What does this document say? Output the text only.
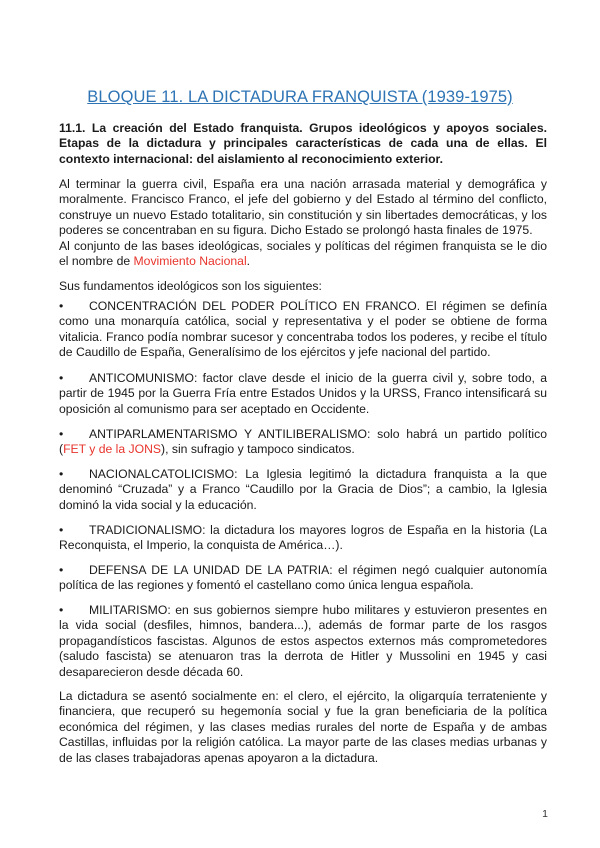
BLOQUE 11. LA DICTADURA FRANQUISTA (1939-1975)
11.1. La creación del Estado franquista. Grupos ideológicos y apoyos sociales. Etapas de la dictadura y principales características de cada una de ellas. El contexto internacional: del aislamiento al reconocimiento exterior.

Al terminar la guerra civil, España era una nación arrasada material y demográfica y moralmente. Francisco Franco, el jefe del gobierno y del Estado al término del conflicto, construye un nuevo Estado totalitario, sin constitución y sin libertades democráticas, y los poderes se concentraban en su figura. Dicho Estado se prolongó hasta finales de 1975.

Al conjunto de las bases ideológicas, sociales y políticas del régimen franquista se le dio el nombre de Movimiento Nacional.

Sus fundamentos ideológicos son los siguientes:

• CONCENTRACIÓN DEL PODER POLÍTICO EN FRANCO. El régimen se definía como una monarquía católica, social y representativa y el poder se obtiene de forma vitalicia. Franco podía nombrar sucesor y concentraba todos los poderes, y recibe el título de Caudillo de España, Generalísimo de los ejércitos y jefe nacional del partido.

• ANTICOMUNISMO: factor clave desde el inicio de la guerra civil y, sobre todo, a partir de 1945 por la Guerra Fría entre Estados Unidos y la URSS, Franco intensificará su oposición al comunismo para ser aceptado en Occidente.

• ANTIPARLAMENTARISMO Y ANTILIBERALISMO: solo habrá un partido político (FET y de la JONS), sin sufragio y tampoco sindicatos.

• NACIONALCATOLICISMO: La Iglesia legitimó la dictadura franquista a la que denominó “Cruzada” y a Franco “Caudillo por la Gracia de Dios”; a cambio, la Iglesia dominó la vida social y la educación.

• TRADICIONALISMO: la dictadura los mayores logros de España en la historia (La Reconquista, el Imperio, la conquista de América…).

• DEFENSA DE LA UNIDAD DE LA PATRIA: el régimen negó cualquier autonomía política de las regiones y fomentó el castellano como única lengua española.

• MILITARISMO: en sus gobiernos siempre hubo militares y estuvieron presentes en la vida social (desfiles, himnos, bandera...), además de formar parte de los rasgos propagandísticos fascistas. Algunos de estos aspectos externos más comprometedores (saludo fascista) se atenuaron tras la derrota de Hitler y Mussolini en 1945 y casi desaparecieron desde década 60.

La dictadura se asentó socialmente en: el clero, el ejército, la oligarquía terrateniente y financiera, que recuperó su hegemonía social y fue la gran beneficiaria de la política económica del régimen, y las clases medias rurales del norte de España y de ambas Castillas, influidas por la religión católica. La mayor parte de las clases medias urbanas y de las clases trabajadoras apenas apoyaron a la dictadura.

1
